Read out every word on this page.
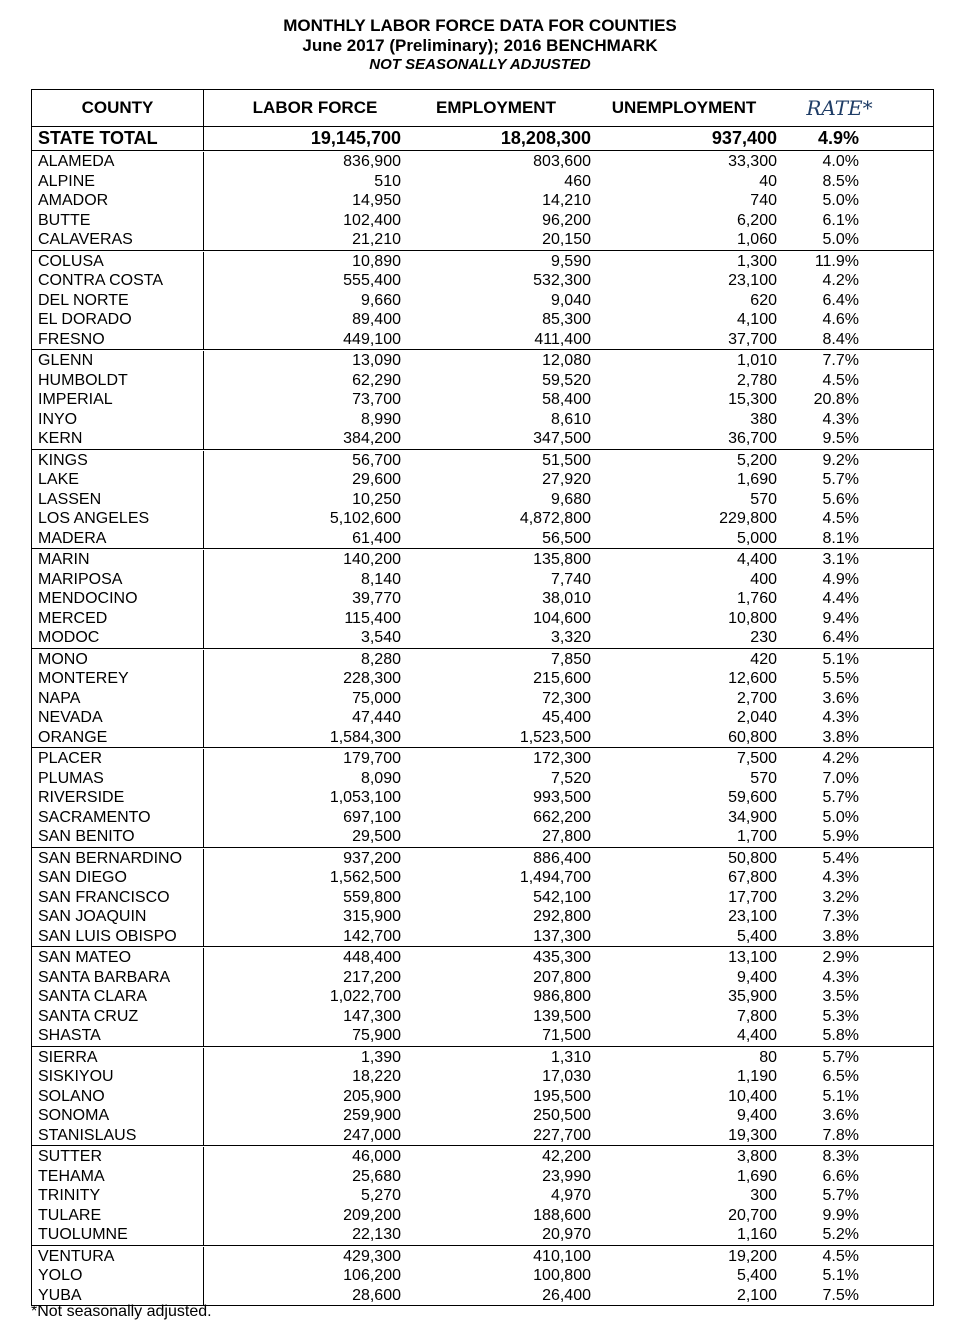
MONTHLY LABOR FORCE DATA FOR COUNTIES
June 2017 (Preliminary); 2016 BENCHMARK
NOT SEASONALLY ADJUSTED
COUNTY	LABOR FORCE	EMPLOYMENT	UNEMPLOYMENT	RATE*
STATE TOTAL	19,145,700	18,208,300	937,400	4.9%
ALAMEDA	836,900	803,600	33,300	4.0%
ALPINE	510	460	40	8.5%
AMADOR	14,950	14,210	740	5.0%
BUTTE	102,400	96,200	6,200	6.1%
CALAVERAS	21,210	20,150	1,060	5.0%
COLUSA	10,890	9,590	1,300	11.9%
CONTRA COSTA	555,400	532,300	23,100	4.2%
DEL NORTE	9,660	9,040	620	6.4%
EL DORADO	89,400	85,300	4,100	4.6%
FRESNO	449,100	411,400	37,700	8.4%
GLENN	13,090	12,080	1,010	7.7%
HUMBOLDT	62,290	59,520	2,780	4.5%
IMPERIAL	73,700	58,400	15,300	20.8%
INYO	8,990	8,610	380	4.3%
KERN	384,200	347,500	36,700	9.5%
KINGS	56,700	51,500	5,200	9.2%
LAKE	29,600	27,920	1,690	5.7%
LASSEN	10,250	9,680	570	5.6%
LOS ANGELES	5,102,600	4,872,800	229,800	4.5%
MADERA	61,400	56,500	5,000	8.1%
MARIN	140,200	135,800	4,400	3.1%
MARIPOSA	8,140	7,740	400	4.9%
MENDOCINO	39,770	38,010	1,760	4.4%
MERCED	115,400	104,600	10,800	9.4%
MODOC	3,540	3,320	230	6.4%
MONO	8,280	7,850	420	5.1%
MONTEREY	228,300	215,600	12,600	5.5%
NAPA	75,000	72,300	2,700	3.6%
NEVADA	47,440	45,400	2,040	4.3%
ORANGE	1,584,300	1,523,500	60,800	3.8%
PLACER	179,700	172,300	7,500	4.2%
PLUMAS	8,090	7,520	570	7.0%
RIVERSIDE	1,053,100	993,500	59,600	5.7%
SACRAMENTO	697,100	662,200	34,900	5.0%
SAN BENITO	29,500	27,800	1,700	5.9%
SAN BERNARDINO	937,200	886,400	50,800	5.4%
SAN DIEGO	1,562,500	1,494,700	67,800	4.3%
SAN FRANCISCO	559,800	542,100	17,700	3.2%
SAN JOAQUIN	315,900	292,800	23,100	7.3%
SAN LUIS OBISPO	142,700	137,300	5,400	3.8%
SAN MATEO	448,400	435,300	13,100	2.9%
SANTA BARBARA	217,200	207,800	9,400	4.3%
SANTA CLARA	1,022,700	986,800	35,900	3.5%
SANTA CRUZ	147,300	139,500	7,800	5.3%
SHASTA	75,900	71,500	4,400	5.8%
SIERRA	1,390	1,310	80	5.7%
SISKIYOU	18,220	17,030	1,190	6.5%
SOLANO	205,900	195,500	10,400	5.1%
SONOMA	259,900	250,500	9,400	3.6%
STANISLAUS	247,000	227,700	19,300	7.8%
SUTTER	46,000	42,200	3,800	8.3%
TEHAMA	25,680	23,990	1,690	6.6%
TRINITY	5,270	4,970	300	5.7%
TULARE	209,200	188,600	20,700	9.9%
TUOLUMNE	22,130	20,970	1,160	5.2%
VENTURA	429,300	410,100	19,200	4.5%
YOLO	106,200	100,800	5,400	5.1%
YUBA	28,600	26,400	2,100	7.5%
*Not seasonally adjusted.
